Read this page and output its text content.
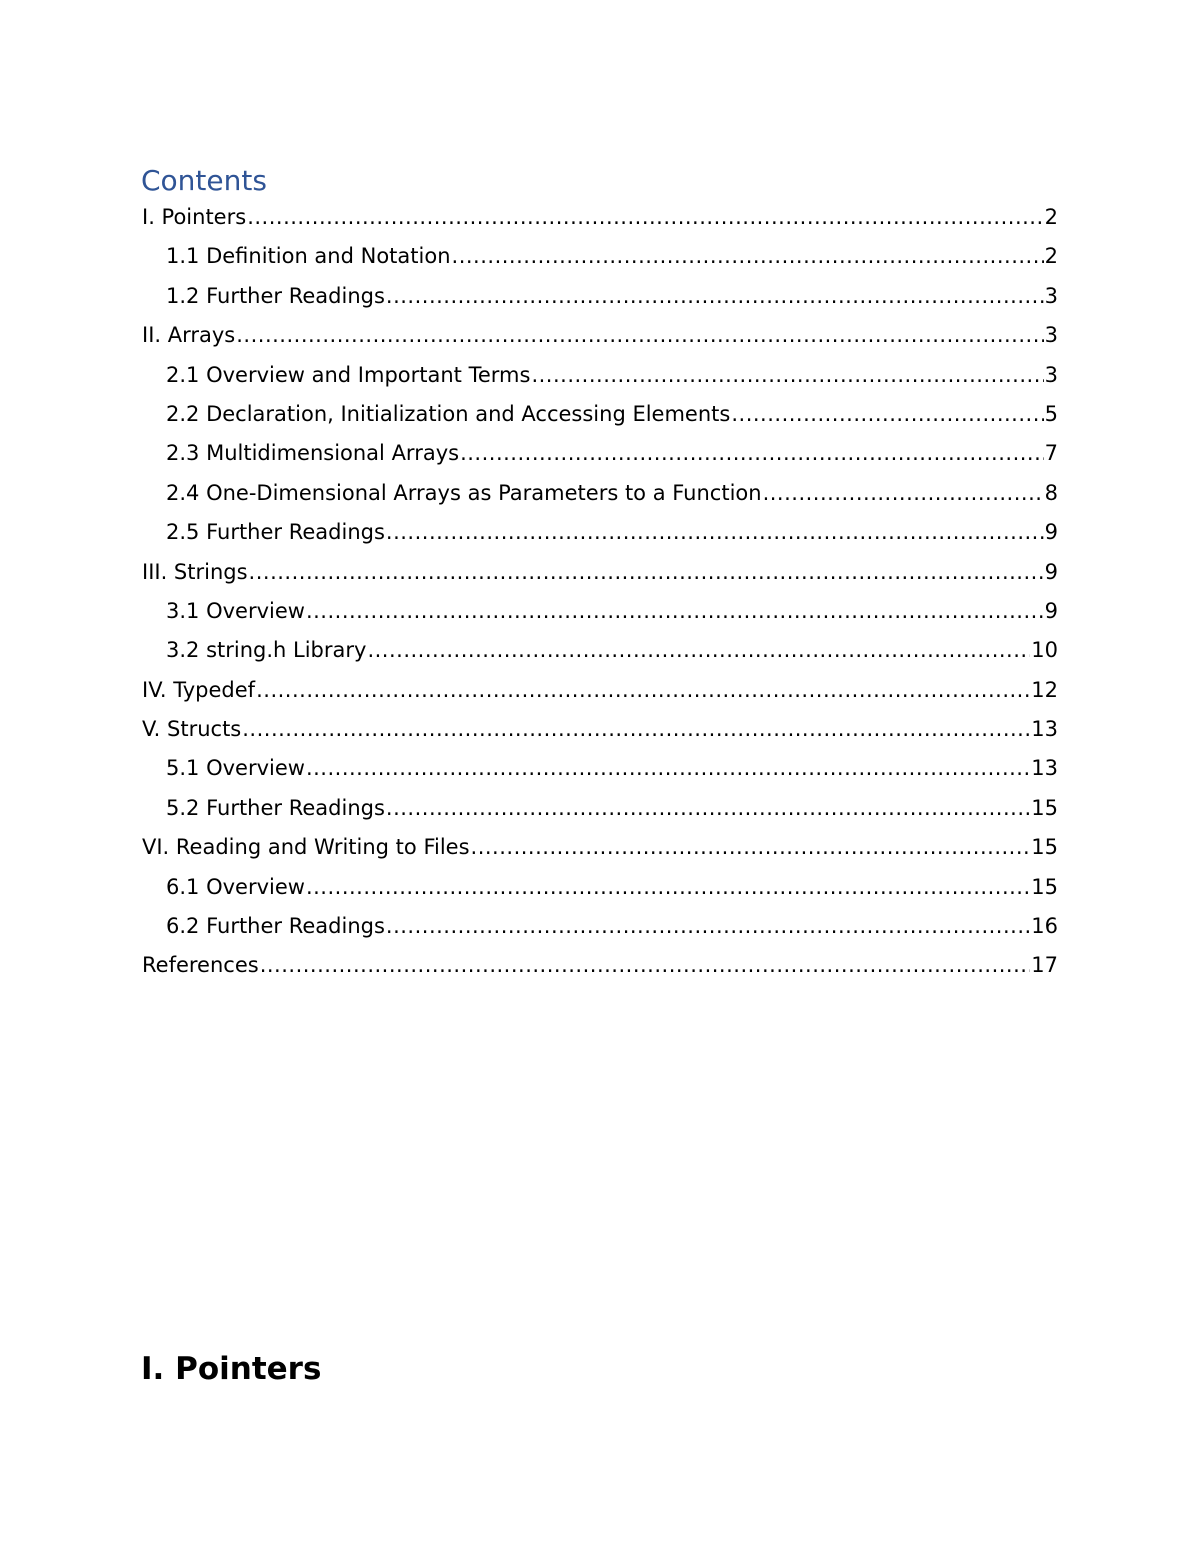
Contents
I. Pointers .....	2
1.1 Definition and Notation .....	2
1.2 Further Readings .....	3
II. Arrays .....	3
2.1 Overview and Important Terms .....	3
2.2 Declaration, Initialization and Accessing Elements .....	5
2.3 Multidimensional Arrays .....	7
2.4 One-Dimensional Arrays as Parameters to a Function .....	8
2.5 Further Readings .....	9
III. Strings .....	9
3.1 Overview .....	9
3.2 string.h Library .....	10
IV. Typedef .....	12
V. Structs .....	13
5.1 Overview .....	13
5.2 Further Readings .....	15
VI. Reading and Writing to Files .....	15
6.1 Overview .....	15
6.2 Further Readings .....	16
References .....	17
I. Pointers
